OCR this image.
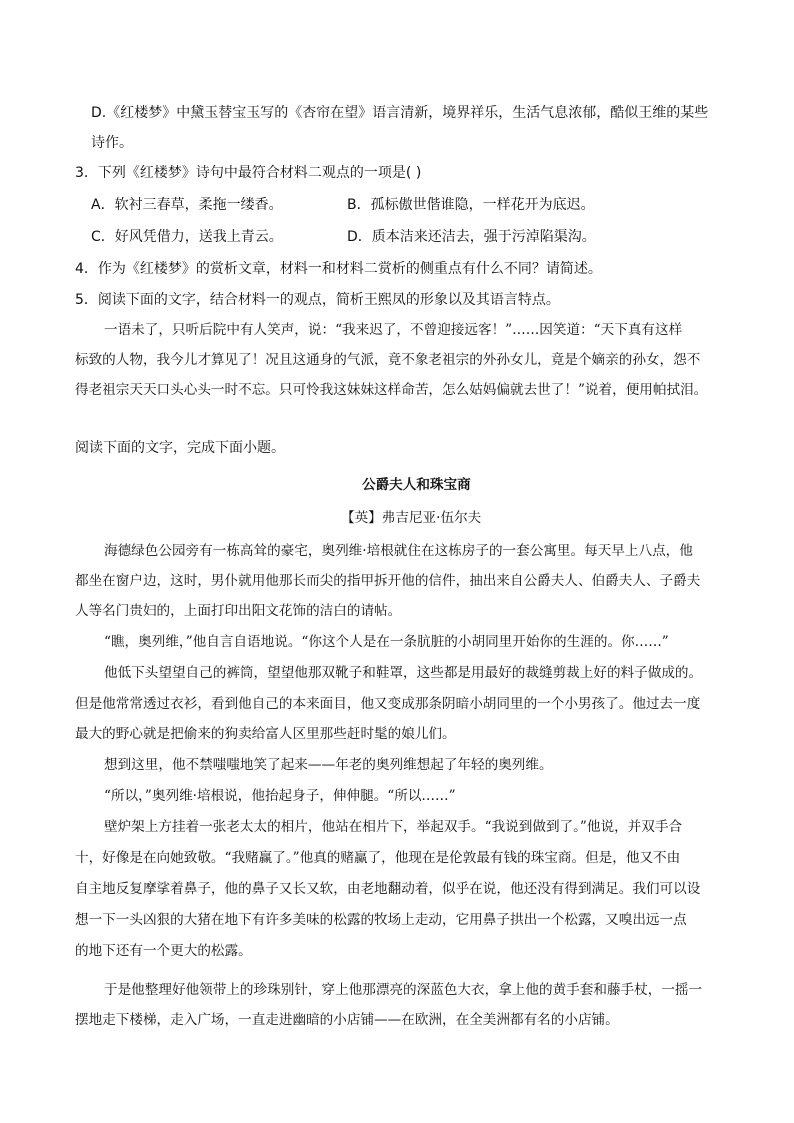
D.《红楼梦》中黛玉替宝玉写的《杏帘在望》语言清新，境界祥乐，生活气息浓郁，酷似王维的某些

诗作。

3．下列《红楼梦》诗句中最符合材料二观点的一项是( )

A．软衬三春草，柔拖一缕香。	B．孤标傲世偕谁隐，一样花开为底迟。

C．好风凭借力，送我上青云。	D．质本洁来还洁去，强于污淖陷渠沟。

4．作为《红楼梦》的赏析文章，材料一和材料二赏析的侧重点有什么不同？请简述。

5．阅读下面的文字，结合材料一的观点，简析王熙凤的形象以及其语言特点。

一语未了，只听后院中有人笑声，说：“我来迟了，不曾迎接远客！”……因笑道：“天下真有这样

标致的人物，我今儿才算见了！况且这通身的气派，竟不象老祖宗的外孙女儿，竟是个嫡亲的孙女，怨不

得老祖宗天天口头心头一时不忘。只可怜我这妹妹这样命苦，怎么姑妈偏就去世了！”说着，便用帕拭泪。

阅读下面的文字，完成下面小题。

公爵夫人和珠宝商

【英】弗吉尼亚·伍尔夫

海德绿色公园旁有一栋高耸的豪宅，奥列维·培根就住在这栋房子的一套公寓里。每天早上八点，他

都坐在窗户边，这时，男仆就用他那长而尖的指甲拆开他的信件，抽出来自公爵夫人、伯爵夫人、子爵夫

人等名门贵妇的，上面打印出阳文花饰的洁白的请帖。

“瞧，奥列维，”他自言自语地说。“你这个人是在一条肮脏的小胡同里开始你的生涯的。你……”

他低下头望望自己的裤筒，望望他那双靴子和鞋罩，这些都是用最好的裁缝剪裁上好的料子做成的。

但是他常常透过衣衫，看到他自己的本来面目，他又变成那条阴暗小胡同里的一个小男孩了。他过去一度

最大的野心就是把偷来的狗卖给富人区里那些赶时髦的娘儿们。

想到这里，他不禁嗤嗤地笑了起来——年老的奥列维想起了年轻的奥列维。

“所以，”奥列维·培根说，他抬起身子，伸伸腿。“所以……”

壁炉架上方挂着一张老太太的相片，他站在相片下，举起双手。“我说到做到了。”他说，并双手合

十，好像是在向她致敬。“我赌赢了。”他真的赌赢了，他现在是伦敦最有钱的珠宝商。但是，他又不由

自主地反复摩挲着鼻子，他的鼻子又长又软，由老地翻动着，似乎在说，他还没有得到满足。我们可以设

想一下一头凶狠的大猪在地下有许多美味的松露的牧场上走动，它用鼻子拱出一个松露，又嗅出远一点

的地下还有一个更大的松露。

于是他整理好他领带上的珍珠别针，穿上他那漂亮的深蓝色大衣，拿上他的黄手套和藤手杖，一摇一

摆地走下楼梯，走入广场，一直走进幽暗的小店铺——在欧洲，在全美洲都有名的小店铺。
